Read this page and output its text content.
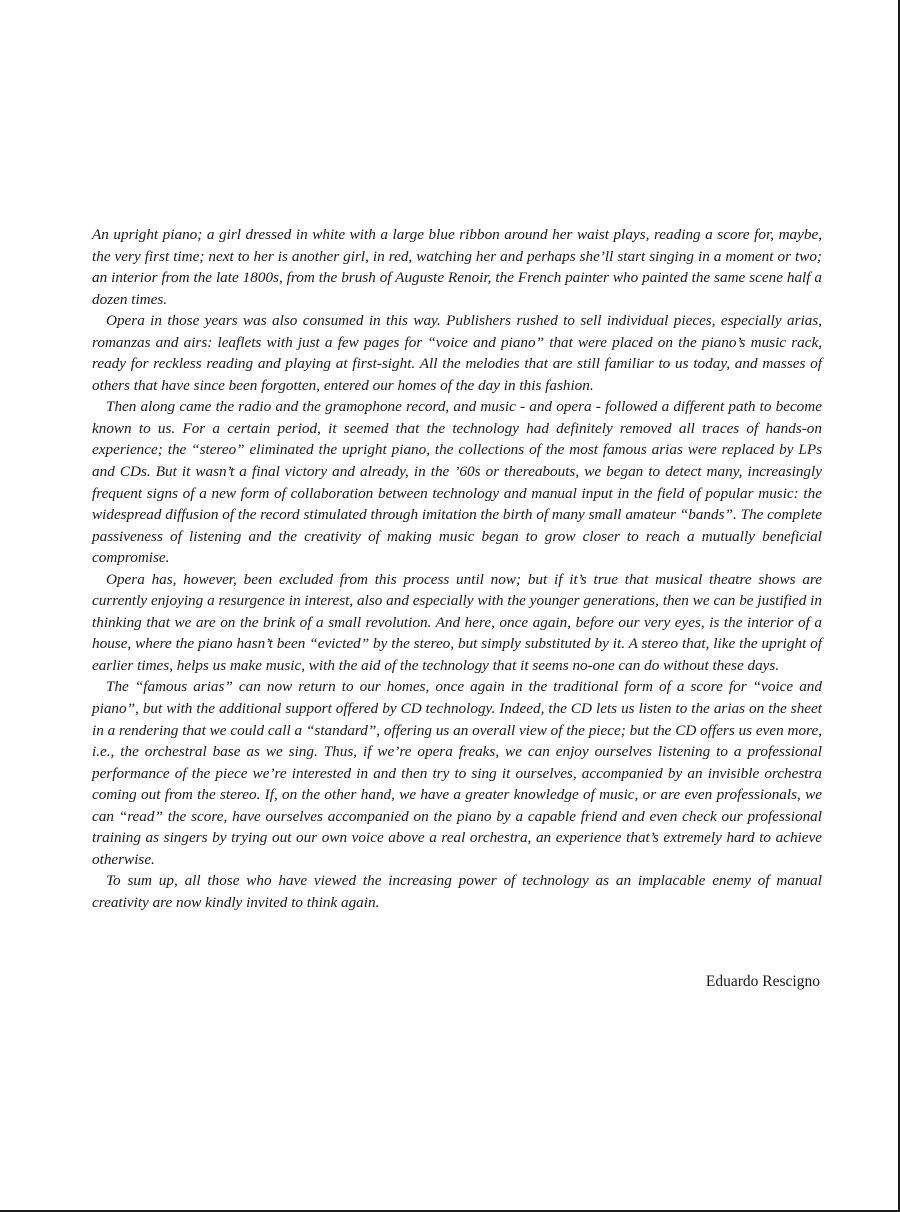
An upright piano; a girl dressed in white with a large blue ribbon around her waist plays, reading a score for, maybe, the very first time; next to her is another girl, in red, watching her and perhaps she’ll start singing in a moment or two; an interior from the late 1800s, from the brush of Auguste Renoir, the French painter who painted the same scene half a dozen times.

Opera in those years was also consumed in this way. Publishers rushed to sell individual pieces, especially arias, romanzas and airs: leaflets with just a few pages for “voice and piano” that were placed on the piano’s music rack, ready for reckless reading and playing at first-sight. All the melodies that are still familiar to us today, and masses of others that have since been forgotten, entered our homes of the day in this fashion.

Then along came the radio and the gramophone record, and music - and opera - followed a different path to become known to us. For a certain period, it seemed that the technology had definitely removed all traces of hands-on experience; the “stereo” eliminated the upright piano, the collections of the most famous arias were replaced by LPs and CDs. But it wasn’t a final victory and already, in the ’60s or thereabouts, we began to detect many, increasingly frequent signs of a new form of collaboration between technology and manual input in the field of popular music: the widespread diffusion of the record stimulated through imitation the birth of many small amateur “bands”. The complete passiveness of listening and the creativity of making music began to grow closer to reach a mutually beneficial compromise.

Opera has, however, been excluded from this process until now; but if it’s true that musical theatre shows are currently enjoying a resurgence in interest, also and especially with the younger generations, then we can be justified in thinking that we are on the brink of a small revolution. And here, once again, before our very eyes, is the interior of a house, where the piano hasn’t been “evicted” by the stereo, but simply substituted by it. A stereo that, like the upright of earlier times, helps us make music, with the aid of the technology that it seems no-one can do without these days.

The “famous arias” can now return to our homes, once again in the traditional form of a score for “voice and piano”, but with the additional support offered by CD technology. Indeed, the CD lets us listen to the arias on the sheet in a rendering that we could call a “standard”, offering us an overall view of the piece; but the CD offers us even more, i.e., the orchestral base as we sing. Thus, if we’re opera freaks, we can enjoy ourselves listening to a professional performance of the piece we’re interested in and then try to sing it ourselves, accompanied by an invisible orchestra coming out from the stereo. If, on the other hand, we have a greater knowledge of music, or are even professionals, we can “read” the score, have ourselves accompanied on the piano by a capable friend and even check our professional training as singers by trying out our own voice above a real orchestra, an experience that’s extremely hard to achieve otherwise.

To sum up, all those who have viewed the increasing power of technology as an implacable enemy of manual creativity are now kindly invited to think again.

Eduardo Rescigno
